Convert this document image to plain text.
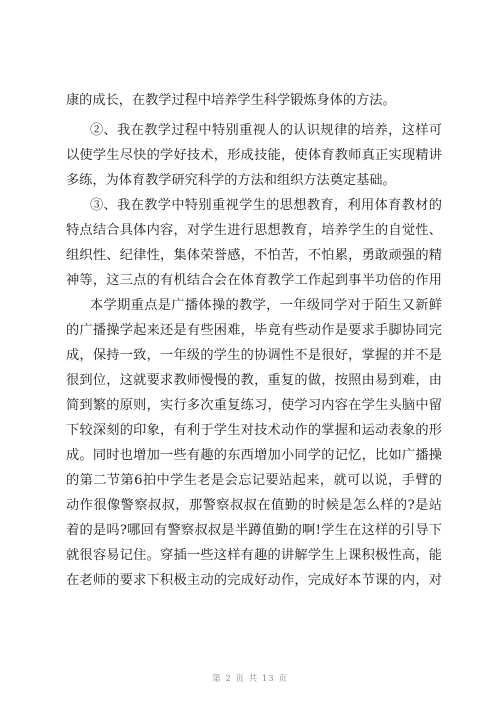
康的成长，在教学过程中培养学生科学锻炼身体的方法。
②、我在教学过程中特别重视人的认识规律的培养，这样可
以使学生尽快的学好技术，形成技能，使体育教师真正实现精讲
多练，为体育教学研究科学的方法和组织方法奠定基础。
③、我在教学中特别重视学生的思想教育，利用体育教材的
特点结合具体内容，对学生进行思想教育，培养学生的自觉性、
组织性、纪律性，集体荣誉感，不怕苦，不怕累，勇敢顽强的精
神等，这三点的有机结合会在体育教学工作起到事半功倍的作用
本学期重点是广播体操的教学，一年级同学对于陌生又新鲜
的广播操学起来还是有些困难，毕竟有些动作是要求手脚协同完
成，保持一致，一年级的学生的协调性不是很好，掌握的并不是
很到位，这就要求教师慢慢的教，重复的做，按照由易到难，由
简到繁的原则，实行多次重复练习，使学习内容在学生头脑中留
下较深刻的印象，有利于学生对技术动作的掌握和运动表象的形
成。同时也增加一些有趣的东西增加小同学的记忆，比如广播操
的第二节第6拍中学生老是会忘记要站起来，就可以说，手臂的
动作很像警察叔叔，那警察叔叔在值勤的时候是怎么样的?是站
着的是吗?哪回有警察叔叔是半蹲值勤的啊!学生在这样的引导下
就很容易记住。穿插一些这样有趣的讲解学生上课积极性高，能
在老师的要求下积极主动的完成好动作，完成好本节课的内，对
第 2 页 共 13 页
